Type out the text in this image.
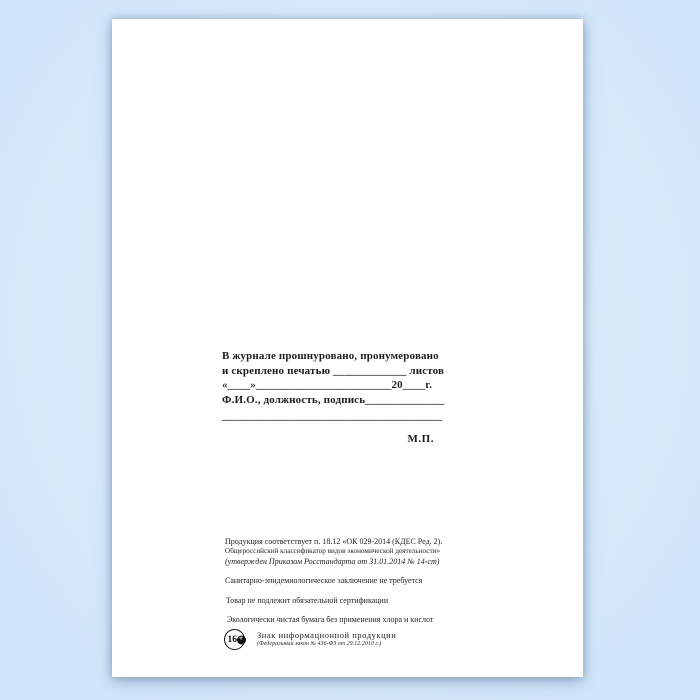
В журнале прошнуровано, пронумеровано
и скреплено печатью _____________ листов
«____»________________________20____г.
Ф.И.О., должность, подпись______________
_______________________________________
М.П.
Продукция соответствует п. 18.12 «ОК 029-2014 (КДЕС Ред. 2).
Общероссийский классификатор видов экономической деятельности»
(утвержден Приказом Росстандарта от 31.01.2014 № 14-ст)
Санитарно-эпидемиологическое заключение не требуется
Товар не подлежит обязательной сертификации
Экологически чистая бумага без применения хлора и кислот
16 + Знак информационной продукции
(Федеральный закон № 436-ФЗ от 29.12.2010 г.)
